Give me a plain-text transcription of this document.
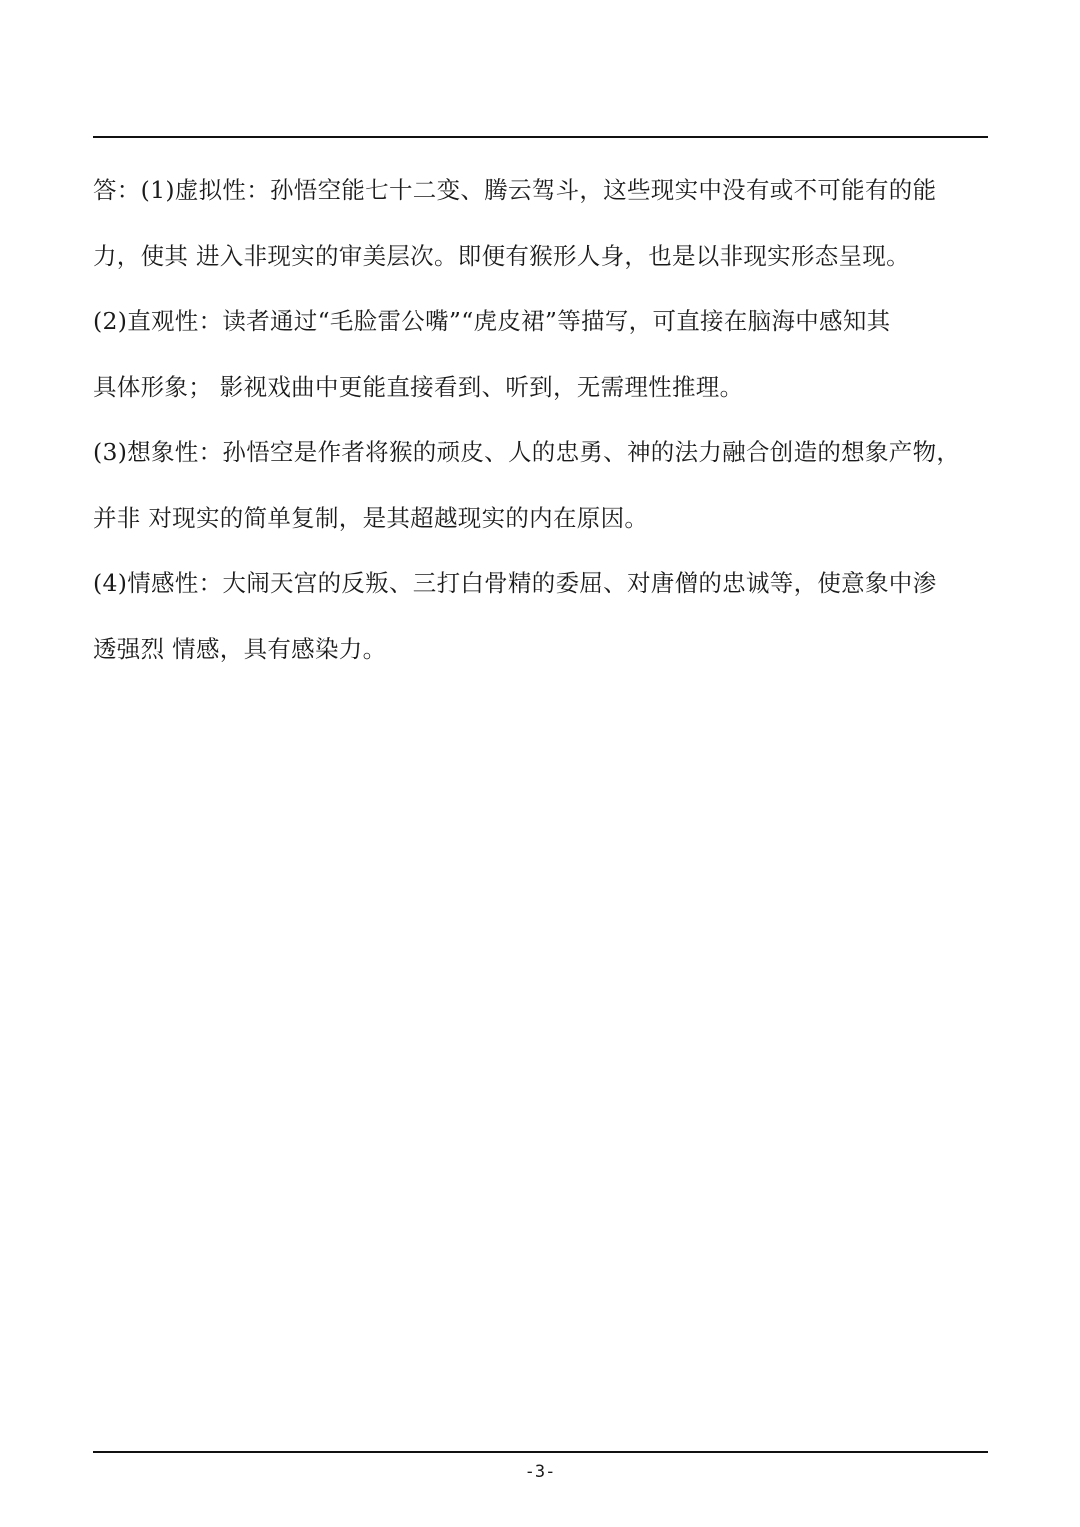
答：(1)虚拟性：孙悟空能七十二变、腾云驾斗，这些现实中没有或不可能有的能
力，使其 进入非现实的审美层次。即便有猴形人身，也是以非现实形态呈现。
(2)直观性：读者通过“毛脸雷公嘴”“虎皮裙”等描写，可直接在脑海中感知其
具体形象； 影视戏曲中更能直接看到、听到，无需理性推理。
(3)想象性：孙悟空是作者将猴的顽皮、人的忠勇、神的法力融合创造的想象产物，
并非 对现实的简单复制，是其超越现实的内在原因。
(4)情感性：大闹天宫的反叛、三打白骨精的委屈、对唐僧的忠诚等，使意象中渗
透强烈 情感，具有感染力。
-3-
